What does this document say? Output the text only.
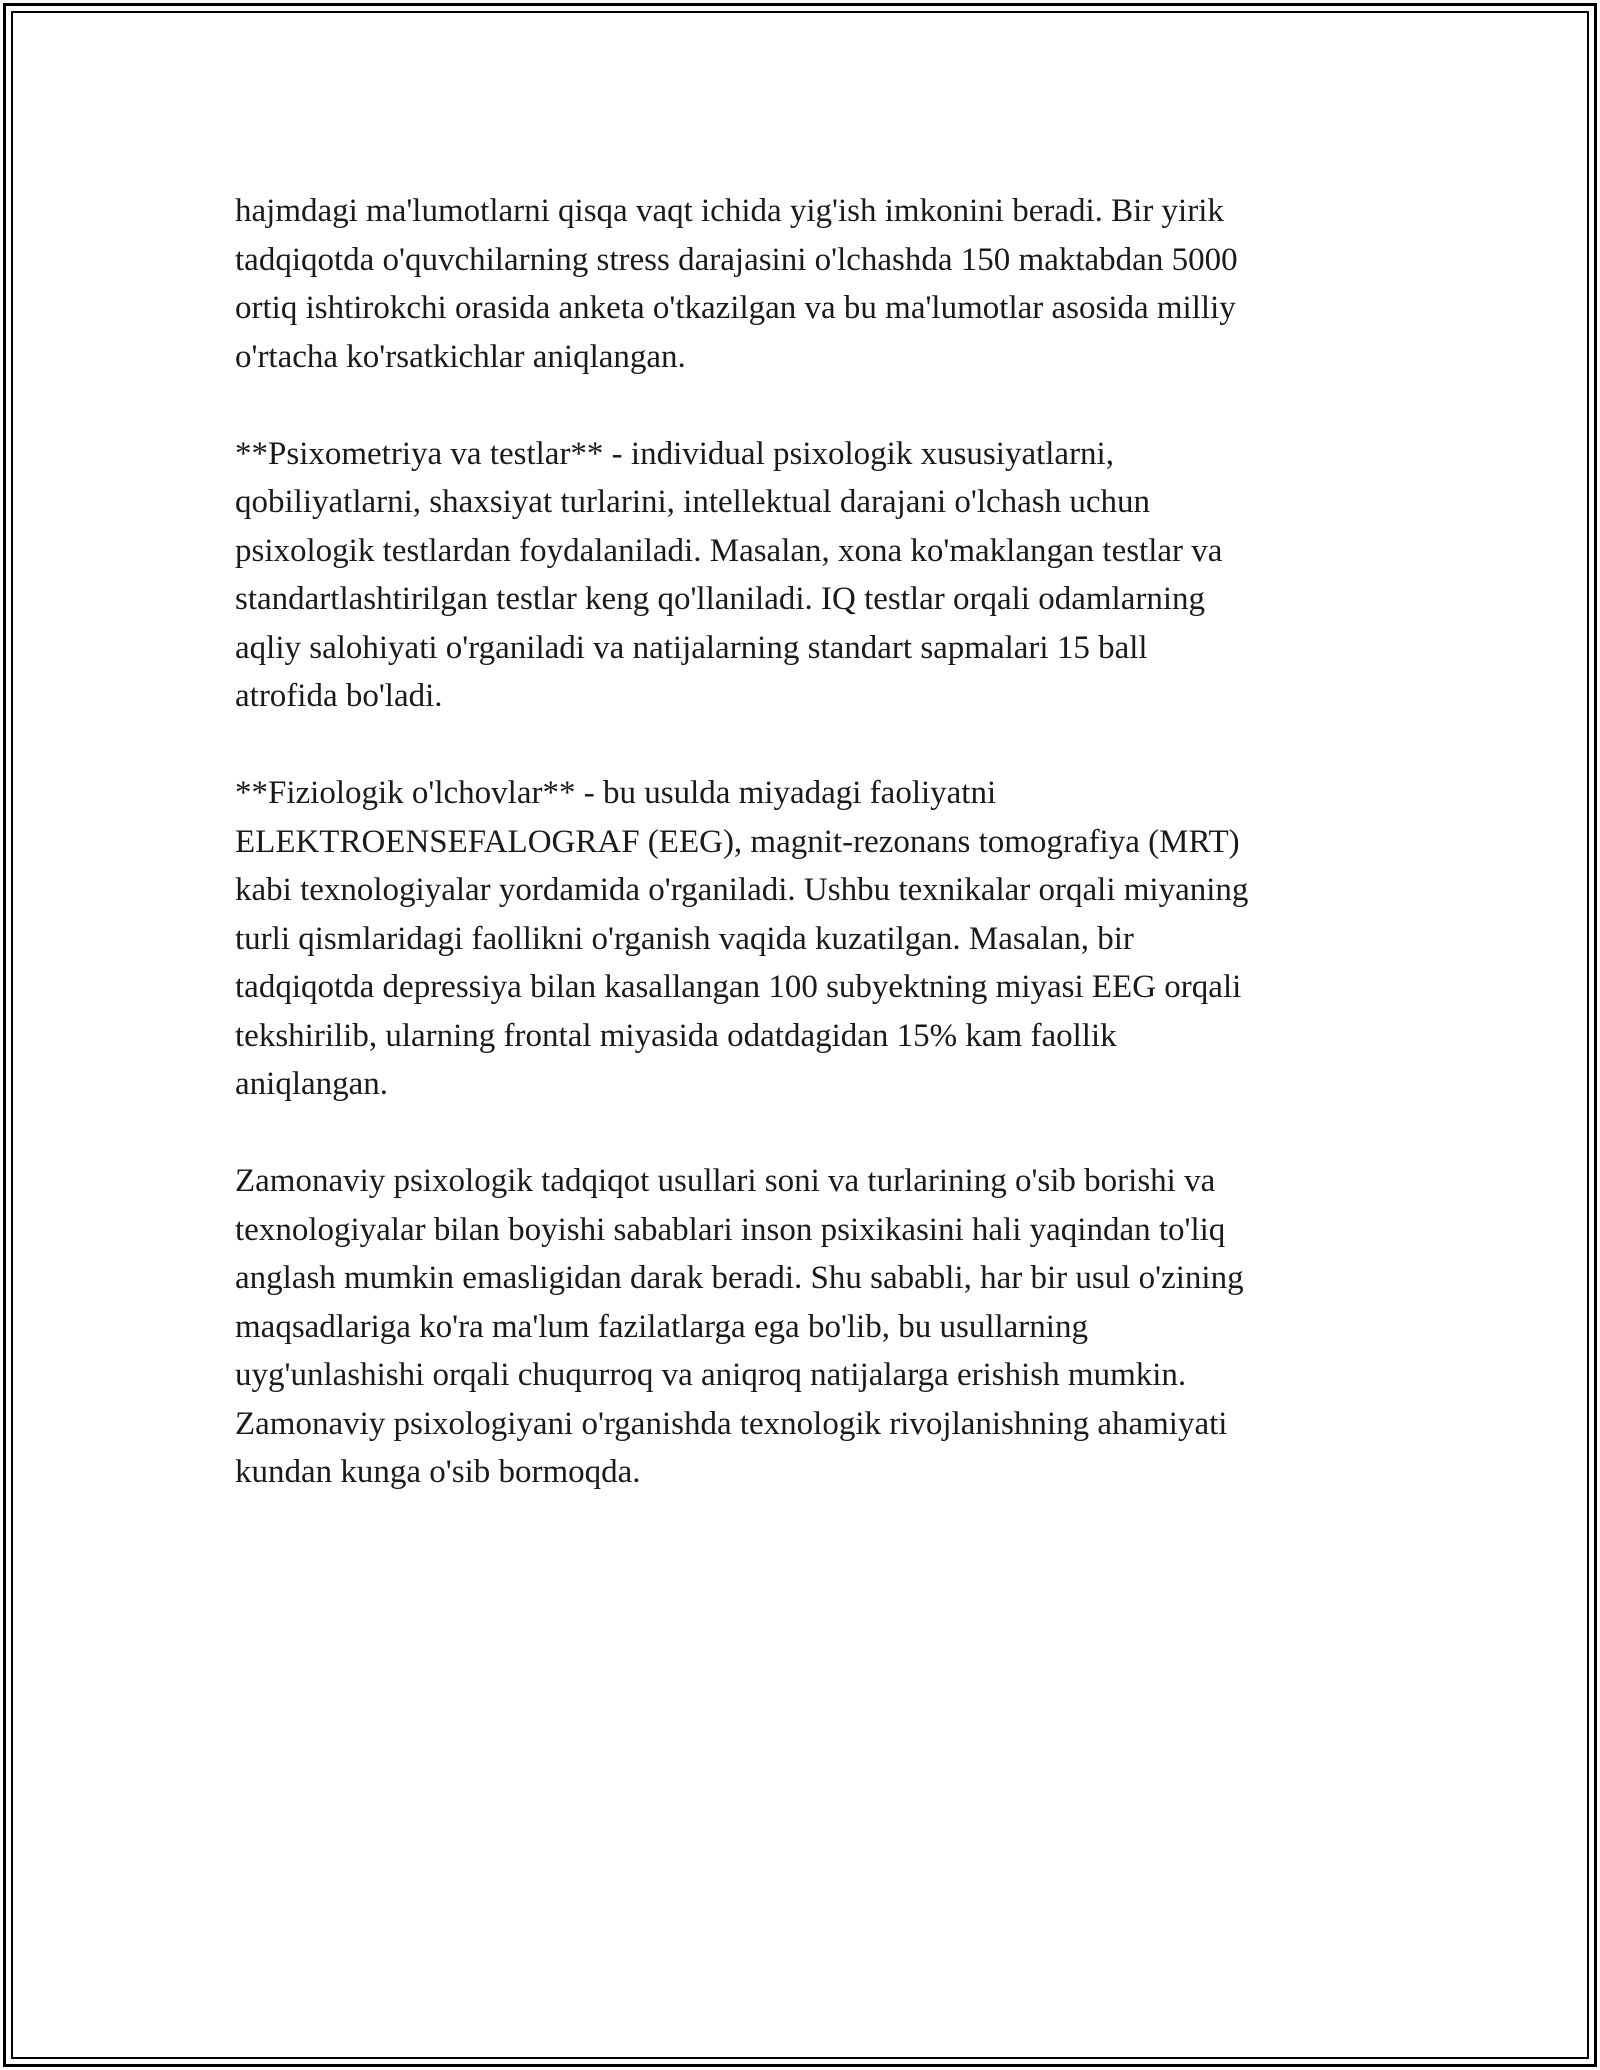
hajmdagi ma'lumotlarni qisqa vaqt ichida yig'ish imkonini beradi. Bir yirik
tadqiqotda o'quvchilarning stress darajasini o'lchashda 150 maktabdan 5000
ortiq ishtirokchi orasida anketa o'tkazilgan va bu ma'lumotlar asosida milliy
o'rtacha ko'rsatkichlar aniqlangan.

**Psixometriya va testlar** - individual psixologik xususiyatlarni,
qobiliyatlarni, shaxsiyat turlarini, intellektual darajani o'lchash uchun
psixologik testlardan foydalaniladi. Masalan, xona ko'maklangan testlar va
standartlashtirilgan testlar keng qo'llaniladi. IQ testlar orqali odamlarning
aqliy salohiyati o'rganiladi va natijalarning standart sapmalari 15 ball
atrofida bo'ladi.

**Fiziologik o'lchovlar** - bu usulda miyadagi faoliyatni
ELEKTROENSEFALOGRAF (EEG), magnit-rezonans tomografiya (MRT)
kabi texnologiyalar yordamida o'rganiladi. Ushbu texnikalar orqali miyaning
turli qismlaridagi faollikni o'rganish vaqida kuzatilgan. Masalan, bir
tadqiqotda depressiya bilan kasallangan 100 subyektning miyasi EEG orqali
tekshirilib, ularning frontal miyasida odatdagidan 15% kam faollik
aniqlangan.

Zamonaviy psixologik tadqiqot usullari soni va turlarining o'sib borishi va
texnologiyalar bilan boyishi sabablari inson psixikasini hali yaqindan to'liq
anglash mumkin emasligidan darak beradi. Shu sababli, har bir usul o'zining
maqsadlariga ko'ra ma'lum fazilatlarga ega bo'lib, bu usullarning
uyg'unlashishi orqali chuqurroq va aniqroq natijalarga erishish mumkin.
Zamonaviy psixologiyani o'rganishda texnologik rivojlanishning ahamiyati
kundan kunga o'sib bormoqda.
